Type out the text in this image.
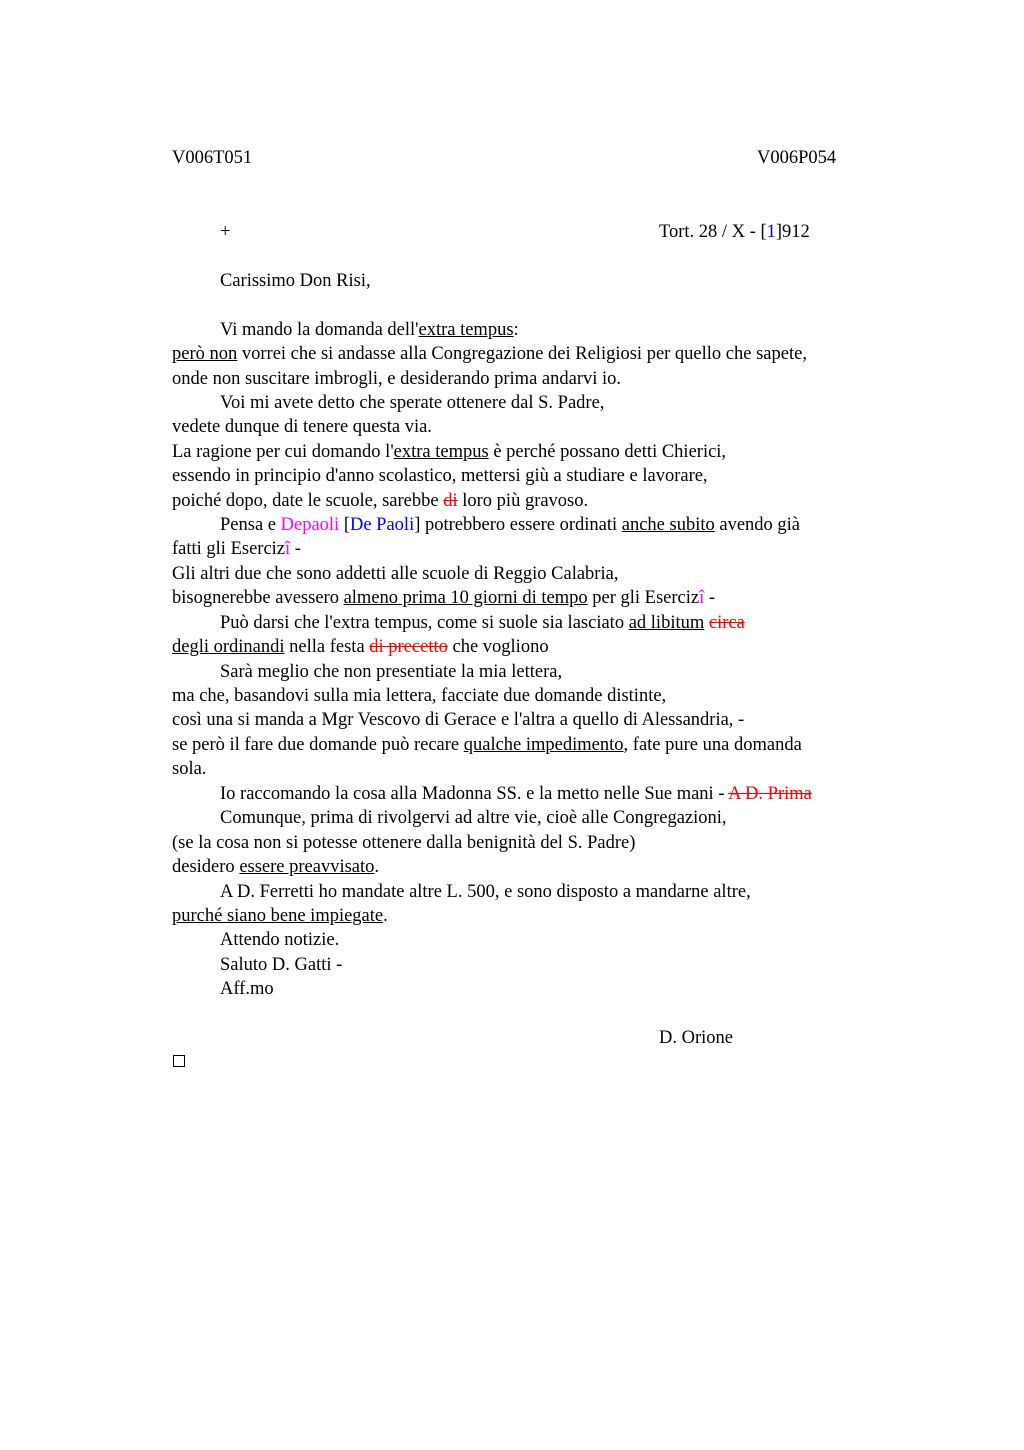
V006T051	V006P054
+	Tort. 28 / X - [1]912
Carissimo Don Risi,
Vi mando la domanda dell'extra tempus:
però non vorrei che si andasse alla Congregazione dei Religiosi per quello che sapete,
onde non suscitare imbrogli, e desiderando prima andarvi io.
Voi mi avete detto che sperate ottenere dal S. Padre,
vedete dunque di tenere questa via.
La ragione per cui domando l'extra tempus è perché possano detti Chierici,
essendo in principio d'anno scolastico, mettersi giù a studiare e lavorare,
poiché dopo, date le scuole, sarebbe di loro più gravoso.
Pensa e Depaoli [De Paoli] potrebbero essere ordinati anche subito avendo già
fatti gli Esercizî -
Gli altri due che sono addetti alle scuole di Reggio Calabria,
bisognerebbe avessero almeno prima 10 giorni di tempo per gli Esercizî -
Può darsi che l'extra tempus, come si suole sia lasciato ad libitum circa
degli ordinandi nella festa di precetto che vogliono
Sarà meglio che non presentiate la mia lettera,
ma che, basandovi sulla mia lettera, facciate due domande distinte,
così una si manda a Mgr Vescovo di Gerace e l'altra a quello di Alessandria, -
se però il fare due domande può recare qualche impedimento, fate pure una domanda
sola.
Io raccomando la cosa alla Madonna SS. e la metto nelle Sue mani - A D. Prima
Comunque, prima di rivolgervi ad altre vie, cioè alle Congregazioni,
(se la cosa non si potesse ottenere dalla benignità del S. Padre)
desidero essere preavvisato.
A D. Ferretti ho mandate altre L. 500, e sono disposto a mandarne altre,
purché siano bene impiegate.
Attendo notizie.
Saluto D. Gatti -
Aff.mo
D. Orione
